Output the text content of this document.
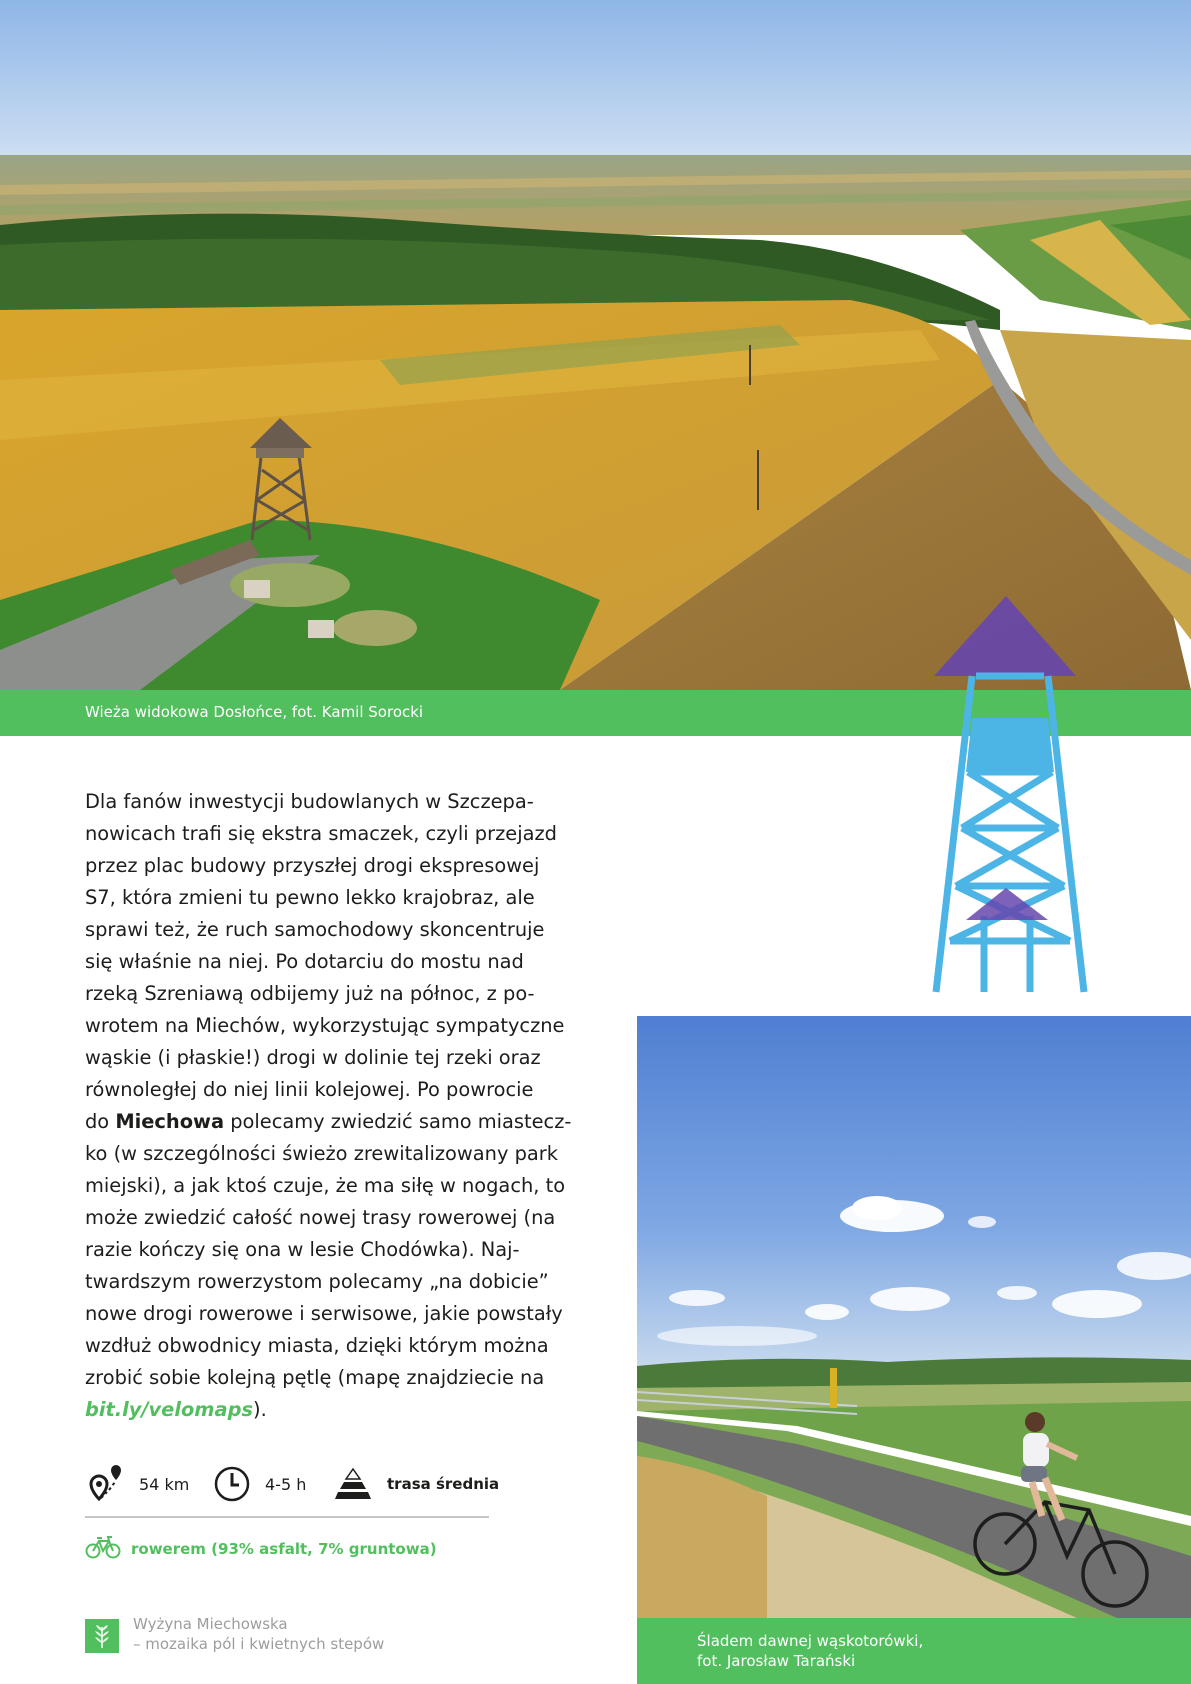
Wieża widokowa Dosłońce, fot. Kamil Sorocki
Dla fanów inwestycji budowlanych w Szczepa-
nowicach trafi się ekstra smaczek, czyli przejazd
przez plac budowy przyszłej drogi ekspresowej
S7, która zmieni tu pewno lekko krajobraz, ale
sprawi też, że ruch samochodowy skoncentruje
się właśnie na niej. Po dotarciu do mostu nad
rzeką Szreniawą odbijemy już na północ, z po-
wrotem na Miechów, wykorzystując sympatyczne
wąskie (i płaskie!) drogi w dolinie tej rzeki oraz
równoległej do niej linii kolejowej. Po powrocie
do Miechowa polecamy zwiedzić samo miastecz-
ko (w szczególności świeżo zrewitalizowany park
miejski), a jak ktoś czuje, że ma siłę w nogach, to
może zwiedzić całość nowej trasy rowerowej (na
razie kończy się ona w lesie Chodówka). Naj-
twardszym rowerzystom polecamy „na dobicie”
nowe drogi rowerowe i serwisowe, jakie powstały
wzdłuż obwodnicy miasta, dzięki którym można
zrobić sobie kolejną pętlę (mapę znajdziecie na
bit.ly/velomaps).
54 km	4-5 h	trasa średnia
rowerem (93% asfalt, 7% gruntowa)
Wyżyna Miechowska
– mozaika pól i kwietnych stepów	Śladem dawnej wąskotorówki,
fot. Jarosław Tarański
